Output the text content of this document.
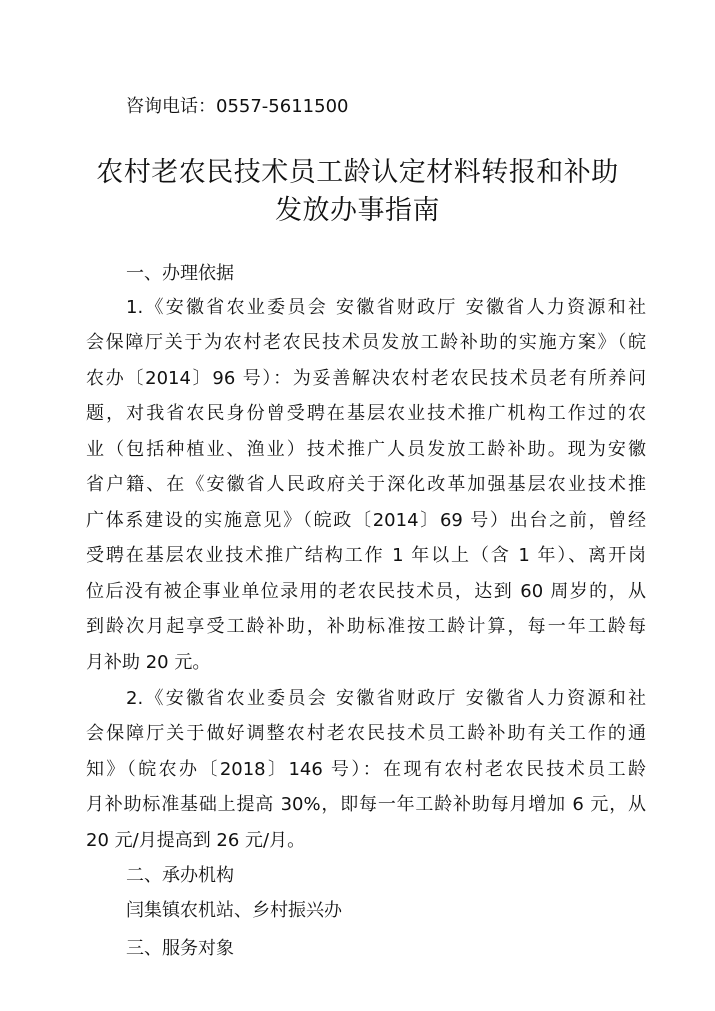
咨询电话：0557-5611500
农村老农民技术员工龄认定材料转报和补助
发放办事指南
一、办理依据
1.《安徽省农业委员会 安徽省财政厅 安徽省人力资源和社
会保障厅关于为农村老农民技术员发放工龄补助的实施方案》（皖
农办〔2014〕96 号）：为妥善解决农村老农民技术员老有所养问
题，对我省农民身份曾受聘在基层农业技术推广机构工作过的农
业（包括种植业、渔业）技术推广人员发放工龄补助。现为安徽
省户籍、在《安徽省人民政府关于深化改革加强基层农业技术推
广体系建设的实施意见》（皖政〔2014〕69 号）出台之前，曾经
受聘在基层农业技术推广结构工作 1 年以上（含 1 年）、离开岗
位后没有被企事业单位录用的老农民技术员，达到 60 周岁的，从
到龄次月起享受工龄补助，补助标准按工龄计算，每一年工龄每
月补助 20 元。
2.《安徽省农业委员会 安徽省财政厅 安徽省人力资源和社
会保障厅关于做好调整农村老农民技术员工龄补助有关工作的通
知》（皖农办〔2018〕146 号）：在现有农村老农民技术员工龄
月补助标准基础上提高 30%，即每一年工龄补助每月增加 6 元，从
20 元/月提高到 26 元/月。
二、承办机构
闫集镇农机站、乡村振兴办
三、服务对象
